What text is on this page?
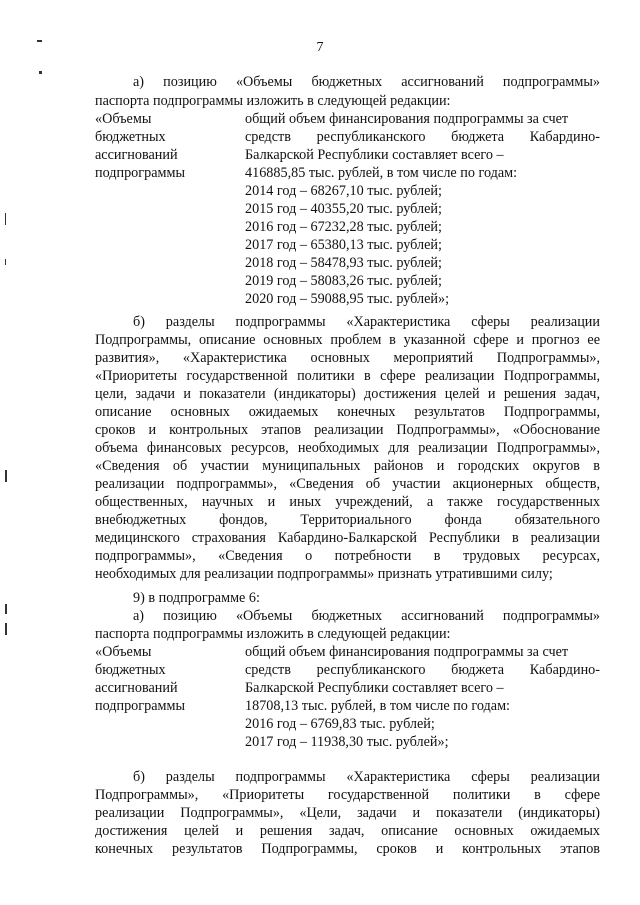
7
а) позицию «Объемы бюджетных ассигнований подпрограммы»
паспорта подпрограммы изложить в следующей редакции:
«Объемы
бюджетных
ассигнований
подпрограммы
общий объем финансирования подпрограммы за счет
средств республиканского бюджета Кабардино-
Балкарской Республики составляет всего –
416885,85 тыс. рублей, в том числе по годам:
2014 год – 68267,10 тыс. рублей;
2015 год – 40355,20 тыс. рублей;
2016 год – 67232,28 тыс. рублей;
2017 год – 65380,13 тыс. рублей;
2018 год – 58478,93 тыс. рублей;
2019 год – 58083,26 тыс. рублей;
2020 год – 59088,95 тыс. рублей»;
б) разделы подпрограммы «Характеристика сферы реализации
Подпрограммы, описание основных проблем в указанной сфере и прогноз ее
развития», «Характеристика основных мероприятий Подпрограммы»,
«Приоритеты государственной политики в сфере реализации Подпрограммы,
цели, задачи и показатели (индикаторы) достижения целей и решения задач,
описание основных ожидаемых конечных результатов Подпрограммы,
сроков и контрольных этапов реализации Подпрограммы», «Обоснование
объема финансовых ресурсов, необходимых для реализации Подпрограммы»,
«Сведения об участии муниципальных районов и городских округов в
реализации подпрограммы», «Сведения об участии акционерных обществ,
общественных, научных и иных учреждений, а также государственных
внебюджетных фондов, Территориального фонда обязательного
медицинского страхования Кабардино-Балкарской Республики в реализации
подпрограммы», «Сведения о потребности в трудовых ресурсах,
необходимых для реализации подпрограммы» признать утратившими силу;
9) в подпрограмме 6:
а) позицию «Объемы бюджетных ассигнований подпрограммы»
паспорта подпрограммы изложить в следующей редакции:
«Объемы
бюджетных
ассигнований
подпрограммы
общий объем финансирования подпрограммы за счет
средств республиканского бюджета Кабардино-
Балкарской Республики составляет всего –
18708,13 тыс. рублей, в том числе по годам:
2016 год – 6769,83 тыс. рублей;
2017 год – 11938,30 тыс. рублей»;
б) разделы подпрограммы «Характеристика сферы реализации
Подпрограммы», «Приоритеты государственной политики в сфере
реализации Подпрограммы», «Цели, задачи и показатели (индикаторы)
достижения целей и решения задач, описание основных ожидаемых
конечных результатов Подпрограммы, сроков и контрольных этапов
